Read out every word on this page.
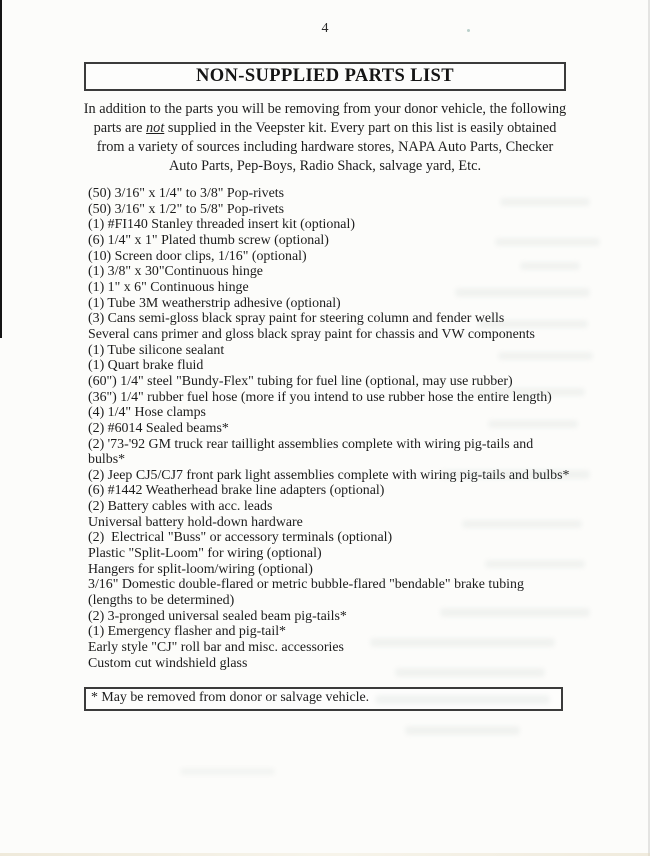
4
NON-SUPPLIED PARTS LIST

In addition to the parts you will be removing from your donor vehicle, the following parts are not supplied in the Veepster kit. Every part on this list is easily obtained from a variety of sources including hardware stores, NAPA Auto Parts, Checker Auto Parts, Pep-Boys, Radio Shack, salvage yard, Etc.

(50) 3/16" x 1/4" to 3/8" Pop-rivets
(50) 3/16" x 1/2" to 5/8" Pop-rivets
(1) #FI140 Stanley threaded insert kit (optional)
(6) 1/4" x 1" Plated thumb screw (optional)
(10) Screen door clips, 1/16" (optional)
(1) 3/8" x 30"Continuous hinge
(1) 1" x 6" Continuous hinge
(1) Tube 3M weatherstrip adhesive (optional)
(3) Cans semi-gloss black spray paint for steering column and fender wells
Several cans primer and gloss black spray paint for chassis and VW components
(1) Tube silicone sealant
(1) Quart brake fluid
(60") 1/4" steel "Bundy-Flex" tubing for fuel line (optional, may use rubber)
(36") 1/4" rubber fuel hose (more if you intend to use rubber hose the entire length)
(4) 1/4" Hose clamps
(2) #6014 Sealed beams*
(2) '73-'92 GM truck rear taillight assemblies complete with wiring pig-tails and bulbs*
(2) Jeep CJ5/CJ7 front park light assemblies complete with wiring pig-tails and bulbs*
(6) #1442 Weatherhead brake line adapters (optional)
(2) Battery cables with acc. leads
Universal battery hold-down hardware
(2)  Electrical "Buss" or accessory terminals (optional)
Plastic "Split-Loom" for wiring (optional)
Hangers for split-loom/wiring (optional)
3/16" Domestic double-flared or metric bubble-flared "bendable" brake tubing (lengths to be determined)
(2) 3-pronged universal sealed beam pig-tails*
(1) Emergency flasher and pig-tail*
Early style "CJ" roll bar and misc. accessories
Custom cut windshield glass
* May be removed from donor or salvage vehicle.
